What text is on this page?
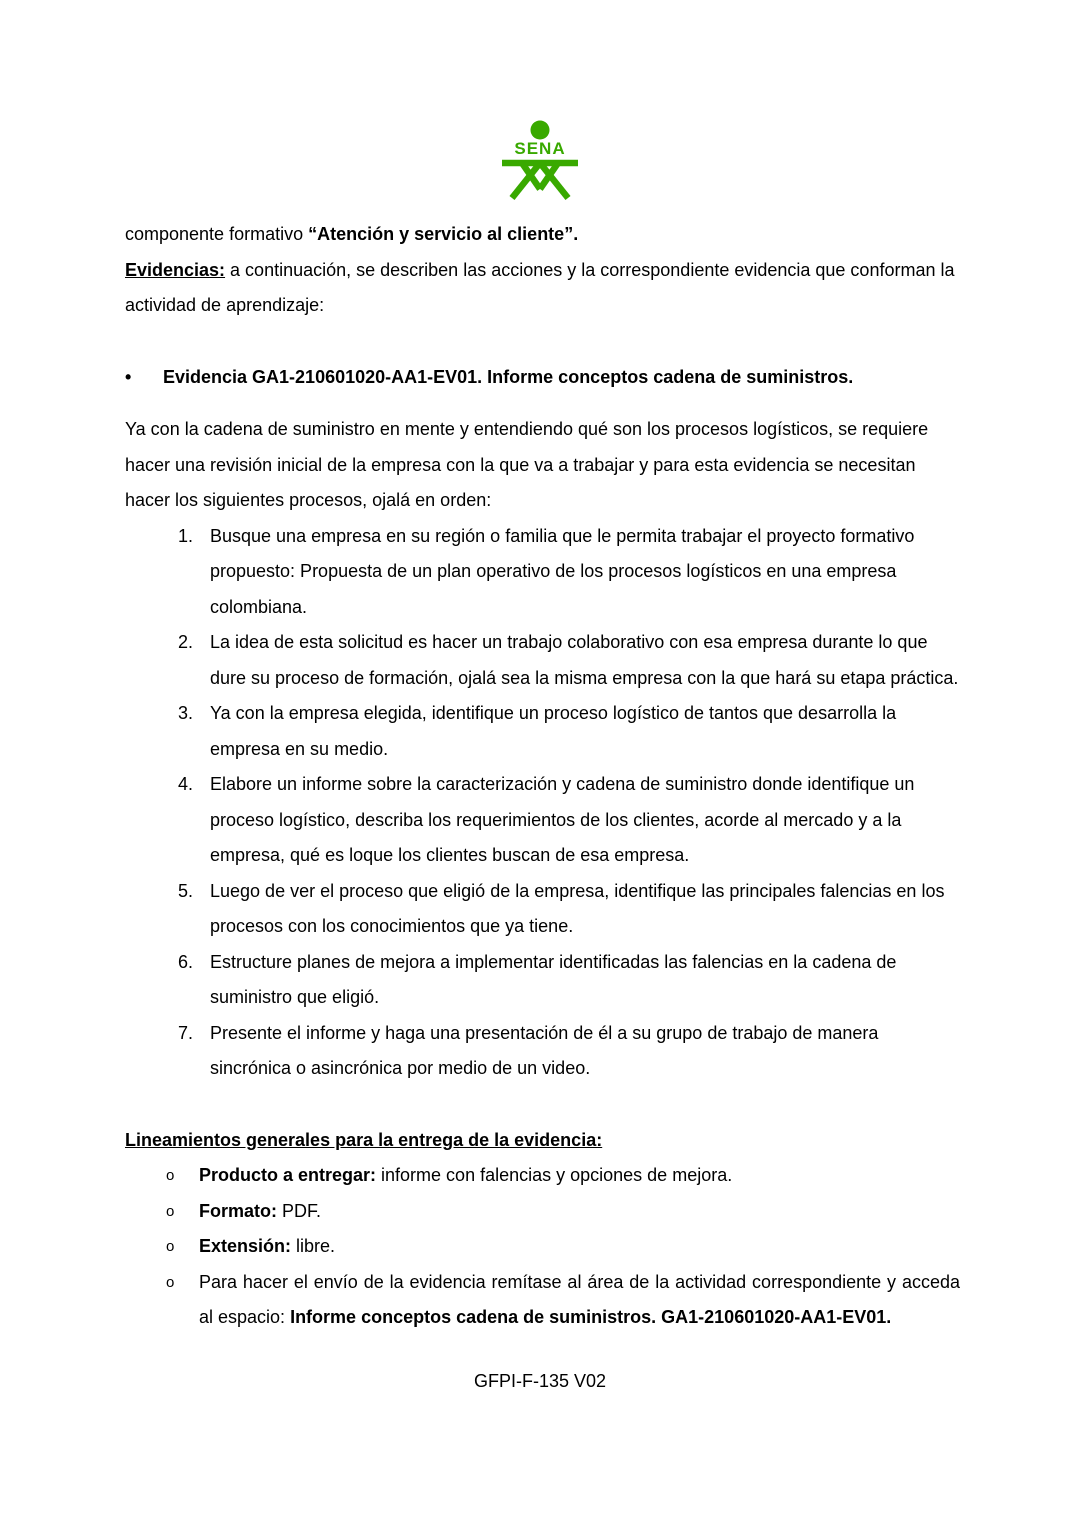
SENA

componente formativo “Atención y servicio al cliente”.

Evidencias: a continuación, se describen las acciones y la correspondiente evidencia que conforman la actividad de aprendizaje:

• Evidencia GA1-210601020-AA1-EV01. Informe conceptos cadena de suministros.

Ya con la cadena de suministro en mente y entendiendo qué son los procesos logísticos, se requiere hacer una revisión inicial de la empresa con la que va a trabajar y para esta evidencia se necesitan hacer los siguientes procesos, ojalá en orden:

1. Busque una empresa en su región o familia que le permita trabajar el proyecto formativo propuesto: Propuesta de un plan operativo de los procesos logísticos en una empresa colombiana.
2. La idea de esta solicitud es hacer un trabajo colaborativo con esa empresa durante lo que dure su proceso de formación, ojalá sea la misma empresa con la que hará su etapa práctica.
3. Ya con la empresa elegida, identifique un proceso logístico de tantos que desarrolla la empresa en su medio.
4. Elabore un informe sobre la caracterización y cadena de suministro donde identifique un proceso logístico, describa los requerimientos de los clientes, acorde al mercado y a la empresa, qué es loque los clientes buscan de esa empresa.
5. Luego de ver el proceso que eligió de la empresa, identifique las principales falencias en los procesos con los conocimientos que ya tiene.
6. Estructure planes de mejora a implementar identificadas las falencias en la cadena de suministro que eligió.
7. Presente el informe y haga una presentación de él a su grupo de trabajo de manera sincrónica o asincrónica por medio de un video.

Lineamientos generales para la entrega de la evidencia:

o Producto a entregar: informe con falencias y opciones de mejora.
o Formato: PDF.
o Extensión: libre.
o Para hacer el envío de la evidencia remítase al área de la actividad correspondiente y acceda al espacio: Informe conceptos cadena de suministros. GA1-210601020-AA1-EV01.
GFPI-F-135 V02
